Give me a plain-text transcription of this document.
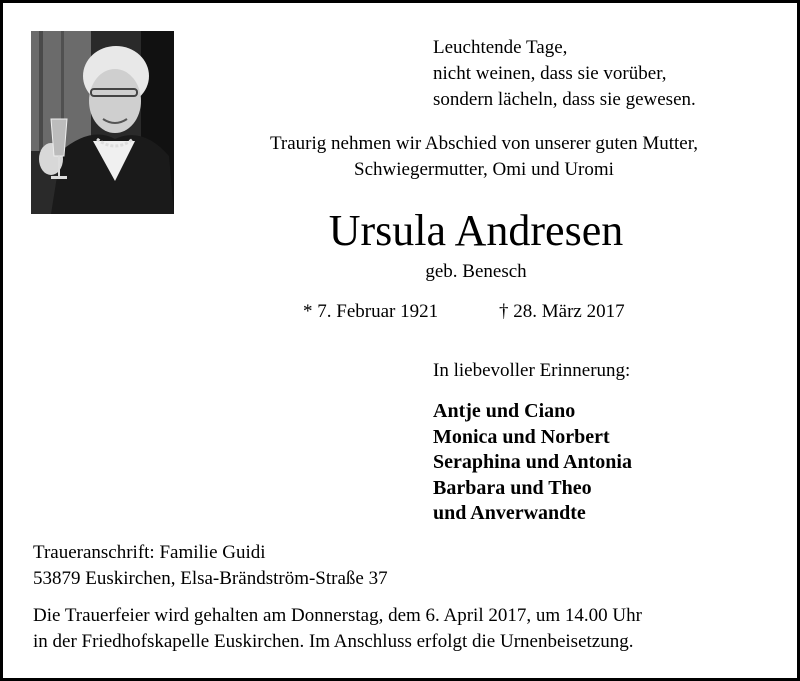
Leuchtende Tage,
nicht weinen, dass sie vorüber,
sondern lächeln, dass sie gewesen.
Traurig nehmen wir Abschied von unserer guten Mutter,
Schwiegermutter, Omi und Uromi
Ursula Andresen
geb. Benesch
* 7. Februar 1921	† 28. März 2017
In liebevoller Erinnerung:
Antje und Ciano
Monica und Norbert
Seraphina und Antonia
Barbara und Theo
und Anverwandte
Traueranschrift: Familie Guidi
53879 Euskirchen, Elsa-Brändström-Straße 37
Die Trauerfeier wird gehalten am Donnerstag, dem 6. April 2017, um 14.00 Uhr
in der Friedhofskapelle Euskirchen. Im Anschluss erfolgt die Urnenbeisetzung.
